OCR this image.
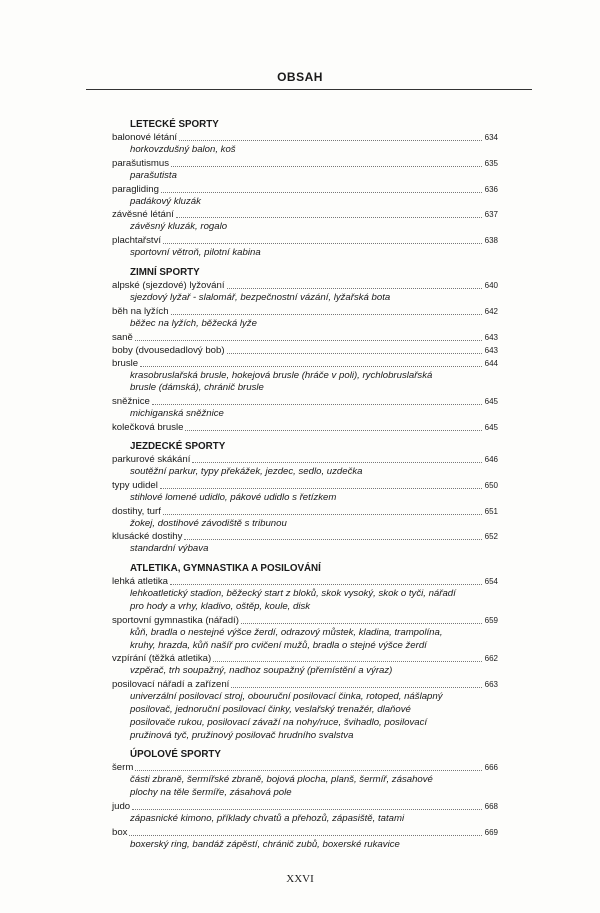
OBSAH
LETECKÉ SPORTY
balonové létání	634
horkovzdušný balon, koš
parašutismus	635
parašutista
paragliding	636
padákový kluzák
závěsné létání	637
závěsný kluzák, rogalo
plachtařství	638
sportovní větroň, pilotní kabina
ZIMNÍ SPORTY
alpské (sjezdové) lyžování	640
sjezdový lyžař - slalomář, bezpečnostní vázání, lyžařská bota
běh na lyžích	642
běžec na lyžích, běžecká lyže
saně	643
boby (dvousedadlový bob)	643
brusle	644
krasobruslařská brusle, hokejová brusle (hráče v poli), rychlobruslařská
brusle (dámská), chránič brusle
sněžnice	645
michiganská sněžnice
kolečková brusle	645
JEZDECKÉ SPORTY
parkurové skákání	646
soutěžní parkur, typy překážek, jezdec, sedlo, uzdečka
typy udidel	650
stihlové lomené udidlo, pákové udidlo s řetízkem
dostihy, turf	651
žokej, dostihové závodiště s tribunou
klusácké dostihy	652
standardní výbava
ATLETIKA, GYMNASTIKA A POSILOVÁNÍ
lehká atletika	654
lehkoatletický stadion, běžecký start z bloků, skok vysoký, skok o tyči, nářadí
pro hody a vrhy, kladivo, oštěp, koule, disk
sportovní gymnastika (nářadí)	659
kůň, bradla o nestejné výšce žerdí, odrazový můstek, kladina, trampolína,
kruhy, hrazda, kůň našíř pro cvičení mužů, bradla o stejné výšce žerdí
vzpírání (těžká atletika)	662
vzpěrač, trh soupažný, nadhoz soupažný (přemístění a výraz)
posilovací nářadí a zařízení	663
univerzální posilovací stroj, obouruční posilovací činka, rotoped, nášlapný
posilovač, jednoruční posilovací činky, veslařský trenažér, dlaňové
posilovače rukou, posilovací závaží na nohy/ruce, švihadlo, posilovací
pružinová tyč, pružinový posilovač hrudního svalstva
ÚPOLOVÉ SPORTY
šerm	666
části zbraně, šermířské zbraně, bojová plocha, planš, šermíř, zásahové
plochy na těle šermíře, zásahová pole
judo	668
zápasnické kimono, příklady chvatů a přehozů, zápasiště, tatami
box	669
boxerský ring, bandáž zápěstí, chránič zubů, boxerské rukavice
XXVI
